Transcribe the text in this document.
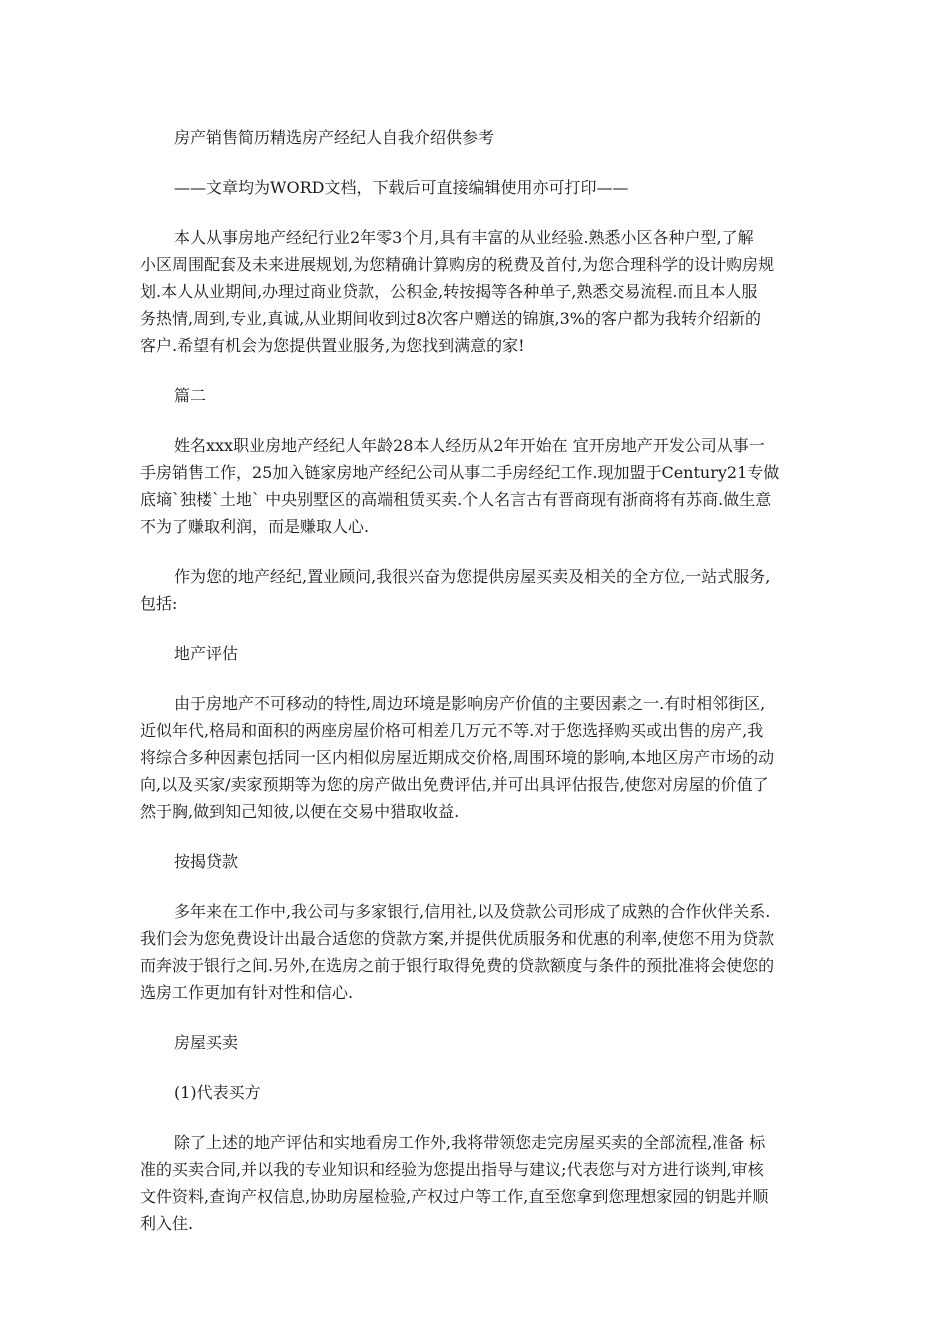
房产销售简历精选房产经纪人自我介绍供参考

——文章均为WORD文档，下载后可直接编辑使用亦可打印——

本人从事房地产经纪行业2年零3个月,具有丰富的从业经验.熟悉小区各种户型,了解

小区周围配套及未来进展规划,为您精确计算购房的税费及首付,为您合理科学的设计购房规

划.本人从业期间,办理过商业贷款，公积金,转按揭等各种单子,熟悉交易流程.而且本人服

务热情,周到,专业,真诚,从业期间收到过8次客户赠送的锦旗,3%的客户都为我转介绍新的

客户.希望有机会为您提供置业服务,为您找到满意的家!

篇二

姓名xxx职业房地产经纪人年龄28本人经历从2年开始在 宜开房地产开发公司从事一

手房销售工作，25加入链家房地产经纪公司从事二手房经纪工作.现加盟于Century21专做

底墒`独楼`土地` 中央别墅区的高端租赁买卖.个人名言古有晋商现有浙商将有苏商.做生意

不为了赚取利润，而是赚取人心.

作为您的地产经纪,置业顾问,我很兴奋为您提供房屋买卖及相关的全方位,一站式服务,

包括:

地产评估

由于房地产不可移动的特性,周边环境是影响房产价值的主要因素之一.有时相邻街区,

近似年代,格局和面积的两座房屋价格可相差几万元不等.对于您选择购买或出售的房产,我

将综合多种因素包括同一区内相似房屋近期成交价格,周围环境的影响,本地区房产市场的动

向,以及买家/卖家预期等为您的房产做出免费评估,并可出具评估报告,使您对房屋的价值了

然于胸,做到知己知彼,以便在交易中猎取收益.

按揭贷款

多年来在工作中,我公司与多家银行,信用社,以及贷款公司形成了成熟的合作伙伴关系.

我们会为您免费设计出最合适您的贷款方案,并提供优质服务和优惠的利率,使您不用为贷款

而奔波于银行之间.另外,在选房之前于银行取得免费的贷款额度与条件的预批准将会使您的

选房工作更加有针对性和信心.

房屋买卖

(1)代表买方

除了上述的地产评估和实地看房工作外,我将带领您走完房屋买卖的全部流程,准备 标

准的买卖合同,并以我的专业知识和经验为您提出指导与建议;代表您与对方进行谈判,审核

文件资料,查询产权信息,协助房屋检验,产权过户等工作,直至您拿到您理想家园的钥匙并顺

利入住.
